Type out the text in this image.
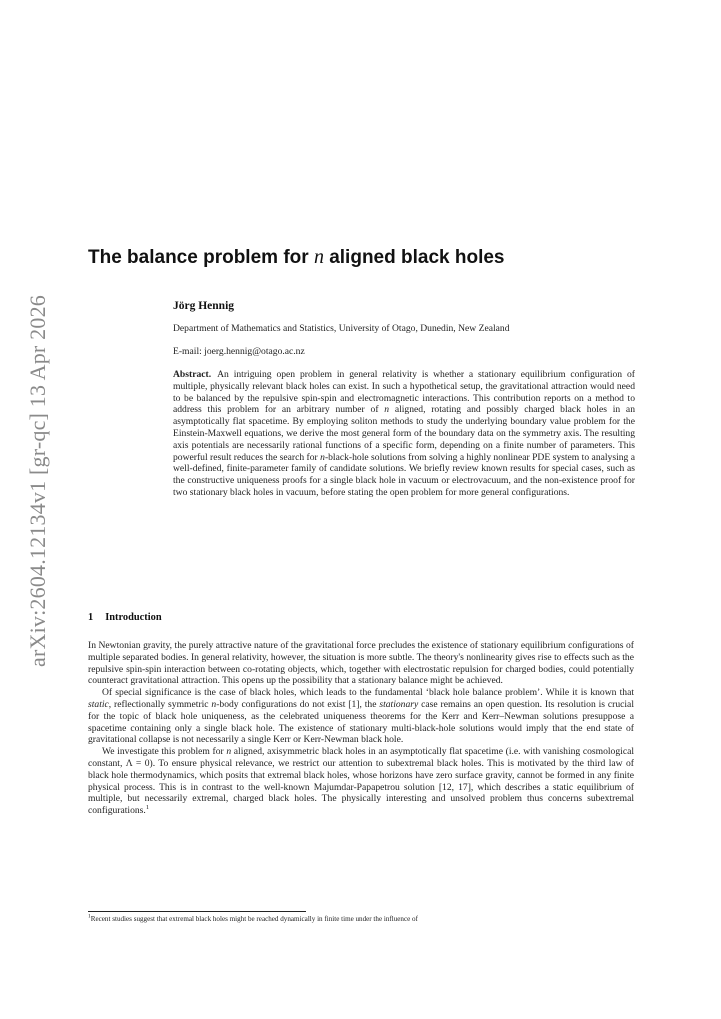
arXiv:2604.12134v1 [gr-qc] 13 Apr 2026
The balance problem for n aligned black holes
Jörg Hennig
Department of Mathematics and Statistics, University of Otago, Dunedin, New Zealand
E-mail: joerg.hennig@otago.ac.nz
Abstract. An intriguing open problem in general relativity is whether a stationary equilibrium configuration of multiple, physically relevant black holes can exist. In such a hypothetical setup, the gravitational attraction would need to be balanced by the repulsive spin-spin and electromagnetic interactions. This contribution reports on a method to address this problem for an arbitrary number of n aligned, rotating and possibly charged black holes in an asymptotically flat spacetime. By employing soliton methods to study the underlying boundary value problem for the Einstein-Maxwell equations, we derive the most general form of the boundary data on the symmetry axis. The resulting axis potentials are necessarily rational functions of a specific form, depending on a finite number of parameters. This powerful result reduces the search for n-black-hole solutions from solving a highly nonlinear PDE system to analysing a well-defined, finite-parameter family of candidate solutions. We briefly review known results for special cases, such as the constructive uniqueness proofs for a single black hole in vacuum or electrovacuum, and the non-existence proof for two stationary black holes in vacuum, before stating the open problem for more general configurations.
1 Introduction

In Newtonian gravity, the purely attractive nature of the gravitational force precludes the existence of stationary equilibrium configurations of multiple separated bodies. In general relativity, however, the situation is more subtle. The theory's nonlinearity gives rise to effects such as the repulsive spin-spin interaction between co-rotating objects, which, together with electrostatic repulsion for charged bodies, could potentially counteract gravitational attraction. This opens up the possibility that a stationary balance might be achieved.

Of special significance is the case of black holes, which leads to the fundamental ‘black hole balance problem’. While it is known that static, reflectionally symmetric n-body configurations do not exist [1], the stationary case remains an open question. Its resolution is crucial for the topic of black hole uniqueness, as the celebrated uniqueness theorems for the Kerr and Kerr–Newman solutions presuppose a spacetime containing only a single black hole. The existence of stationary multi-black-hole solutions would imply that the end state of gravitational collapse is not necessarily a single Kerr or Kerr-Newman black hole.

We investigate this problem for n aligned, axisymmetric black holes in an asymptotically flat spacetime (i.e. with vanishing cosmological constant, Λ = 0). To ensure physical relevance, we restrict our attention to subextremal black holes. This is motivated by the third law of black hole thermodynamics, which posits that extremal black holes, whose horizons have zero surface gravity, cannot be formed in any finite physical process. This is in contrast to the well-known Majumdar-Papapetrou solution [12, 17], which describes a static equilibrium of multiple, but necessarily extremal, charged black holes. The physically interesting and unsolved problem thus concerns subextremal configurations.$^1$

$^1$Recent studies suggest that extremal black holes might be reached dynamically in finite time under the influence of
